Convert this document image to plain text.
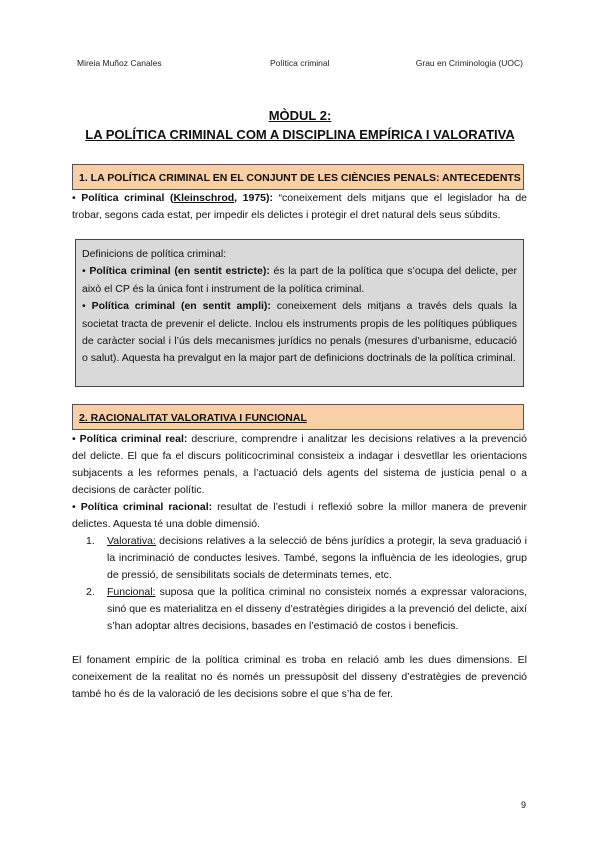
Mireia Muñoz Canales	Política criminal	Grau en Criminologia (UOC)
MÒDUL 2:
LA POLÍTICA CRIMINAL COM A DISCIPLINA EMPÍRICA I VALORATIVA
1. LA POLÍTICA CRIMINAL EN EL CONJUNT DE LES CIÈNCIES PENALS: ANTECEDENTS
• Política criminal (Kleinschrod, 1975): “coneixement dels mitjans que el legislador ha de trobar, segons cada estat, per impedir els delictes i protegir el dret natural dels seus súbdits.
Definicions de política criminal:
• Política criminal (en sentit estricte): és la part de la política que s’ocupa del delicte, per això el CP és la única font i instrument de la política criminal.
• Política criminal (en sentit ampli): coneixement dels mitjans a través dels quals la societat tracta de prevenir el delicte. Inclou els instruments propis de les polítiques públiques de caràcter social i l’ús dels mecanismes jurídics no penals (mesures d’urbanisme, educació o salut). Aquesta ha prevalgut en la major part de definicions doctrinals de la política criminal.
2. RACIONALITAT VALORATIVA I FUNCIONAL
• Política criminal real: descriure, comprendre i analitzar les decisions relatives a la prevenció del delicte. El que fa el discurs politicocriminal consisteix a indagar i desvetllar les orientacions subjacents a les reformes penals, a l’actuació dels agents del sistema de justícia penal o a decisions de caràcter polític.
• Política criminal racional: resultat de l’estudi i reflexió sobre la millor manera de prevenir delictes. Aquesta té una doble dimensió.
1. Valorativa: decisions relatives a la selecció de béns jurídics a protegir, la seva graduació i la incriminació de conductes lesives. També, segons la influència de les ideologies, grup de pressió, de sensibilitats socials de determinats temes, etc.
2. Funcional: suposa que la política criminal no consisteix només a expressar valoracions, sinó que es materialitza en el disseny d’estratègies dirigides a la prevenció del delicte, així s’han adoptar altres decisions, basades en l’estimació de costos i beneficis.
El fonament empíric de la política criminal es troba en relació amb les dues dimensions. El coneixement de la realitat no és només un pressupòsit del disseny d’estratègies de prevenció també ho és de la valoració de les decisions sobre el que s’ha de fer.
9
